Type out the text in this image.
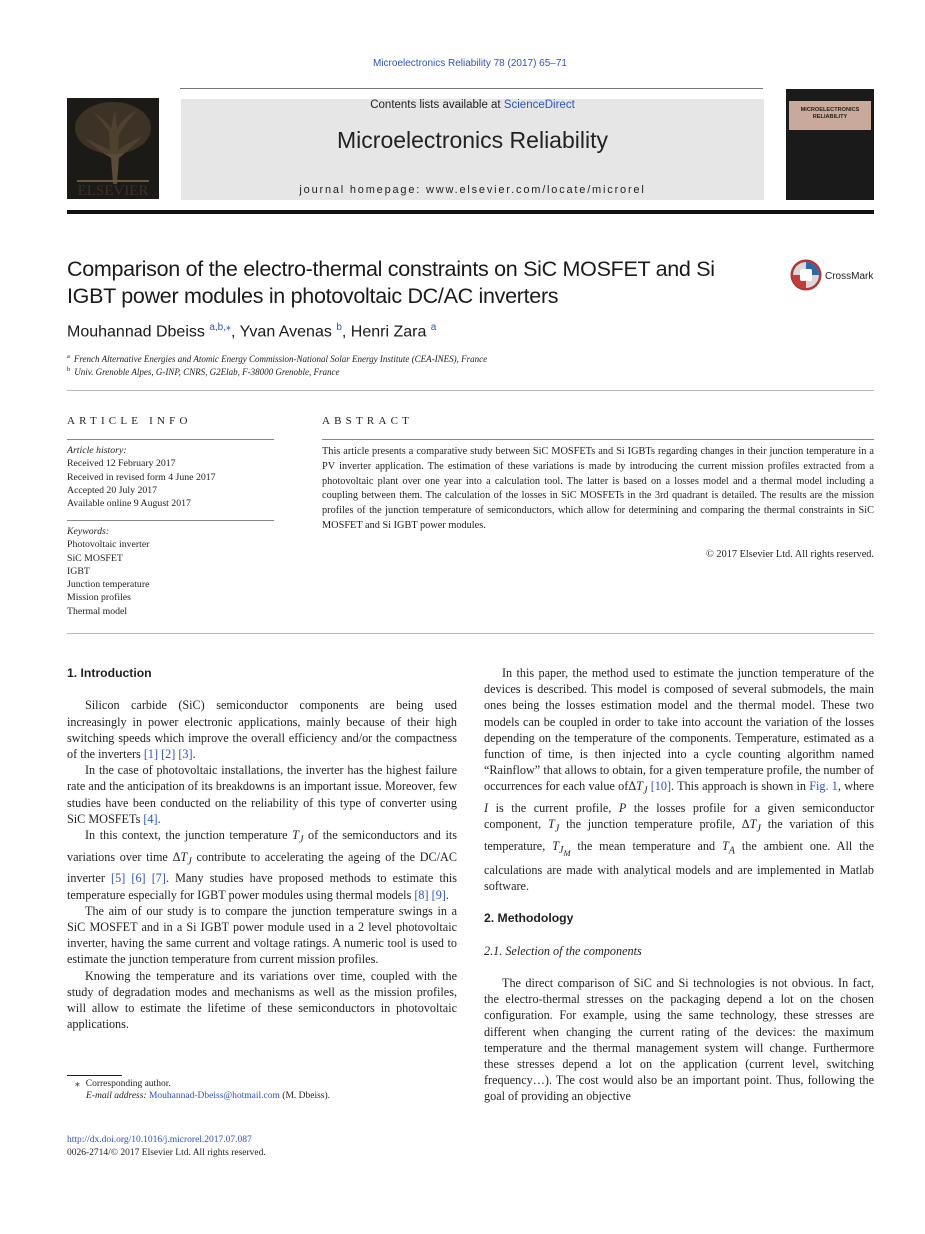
Microelectronics Reliability 78 (2017) 65–71
ELSEVIER
Contents lists available at ScienceDirect
Microelectronics Reliability
journal homepage: www.elsevier.com/locate/microrel
MICROELECTRONICS
RELIABILITY
Comparison of the electro-thermal constraints on SiC MOSFET and Si IGBT power modules in photovoltaic DC/AC inverters
CrossMark
Mouhannad Dbeiss $^{a,b,⁎}$, Yvan Avenas $^b$, Henri Zara $^a$
$^a$ French Alternative Energies and Atomic Energy Commission-National Solar Energy Institute (CEA-INES), France
$^b$ Univ. Grenoble Alpes, G-INP, CNRS, G2Elab, F-38000 Grenoble, France
ARTICLE INFO	ABSTRACT
Article history:
Received 12 February 2017
Received in revised form 4 June 2017
Accepted 20 July 2017
Available online 9 August 2017
Keywords:
Photovoltaic inverter
SiC MOSFET
IGBT
Junction temperature
Mission profiles
Thermal model
This article presents a comparative study between SiC MOSFETs and Si IGBTs regarding changes in their junction temperature in a PV inverter application. The estimation of these variations is made by introducing the current mission profiles extracted from a photovoltaic plant over one year into a calculation tool. The latter is based on a losses model and a thermal model including a coupling between them. The calculation of the losses in SiC MOSFETs in the 3rd quadrant is detailed. The results are the mission profiles of the junction temperature of semiconductors, which allow for determining and comparing the thermal constraints in SiC MOSFET and Si IGBT power modules.
© 2017 Elsevier Ltd. All rights reserved.
1. Introduction

Silicon carbide (SiC) semiconductor components are being used increasingly in power electronic applications, mainly because of their high switching speeds which improve the overall efficiency and/or the compactness of the inverters [1] [2] [3].

In the case of photovoltaic installations, the inverter has the highest failure rate and the anticipation of its breakdowns is an important issue. Moreover, few studies have been conducted on the reliability of this type of converter using SiC MOSFETs [4].

In this context, the junction temperature $T_J$ of the semiconductors and its variations over time $\Delta T_J$ contribute to accelerating the ageing of the DC/AC inverter [5] [6] [7]. Many studies have proposed methods to estimate this temperature especially for IGBT power modules using thermal models [8] [9].

The aim of our study is to compare the junction temperature swings in a SiC MOSFET and in a Si IGBT power module used in a 2 level photovoltaic inverter, having the same current and voltage ratings. A numeric tool is used to estimate the junction temperature from current mission profiles.

Knowing the temperature and its variations over time, coupled with the study of degradation modes and mechanisms as well as the mission profiles, will allow to estimate the lifetime of these semiconductors in photovoltaic applications.

In this paper, the method used to estimate the junction temperature of the devices is described. This model is composed of several submodels, the main ones being the losses estimation model and the thermal model. These two models can be coupled in order to take into account the variation of the losses depending on the temperature of the components. Temperature, estimated as a function of time, is then injected into a cycle counting algorithm named “Rainflow” that allows to obtain, for a given temperature profile, the number of occurrences for each value ofΔT$_J$ [10]. This approach is shown in Fig. 1, where I is the current profile, P the losses profile for a given semiconductor component, $T_J$ the junction temperature profile, $\Delta T_J$ the variation of this temperature, $T_{J_M}$ the mean temperature and $T_A$ the ambient one. All the calculations are made with analytical models and are implemented in Matlab software.

2. Methodology
2.1. Selection of the components

The direct comparison of SiC and Si technologies is not obvious. In fact, the electro-thermal stresses on the packaging depend a lot on the chosen configuration. For example, using the same technology, these stresses are different when changing the current rating of the devices: the maximum temperature and the thermal management system will change. Furthermore these stresses depend a lot on the application (current level, switching frequency…). The cost would also be an important point. Thus, following the goal of providing an objective

⁎ Corresponding author.
E-mail address: Mouhannad-Dbeiss@hotmail.com (M. Dbeiss).
http://dx.doi.org/10.1016/j.microrel.2017.07.087
0026-2714/© 2017 Elsevier Ltd. All rights reserved.
